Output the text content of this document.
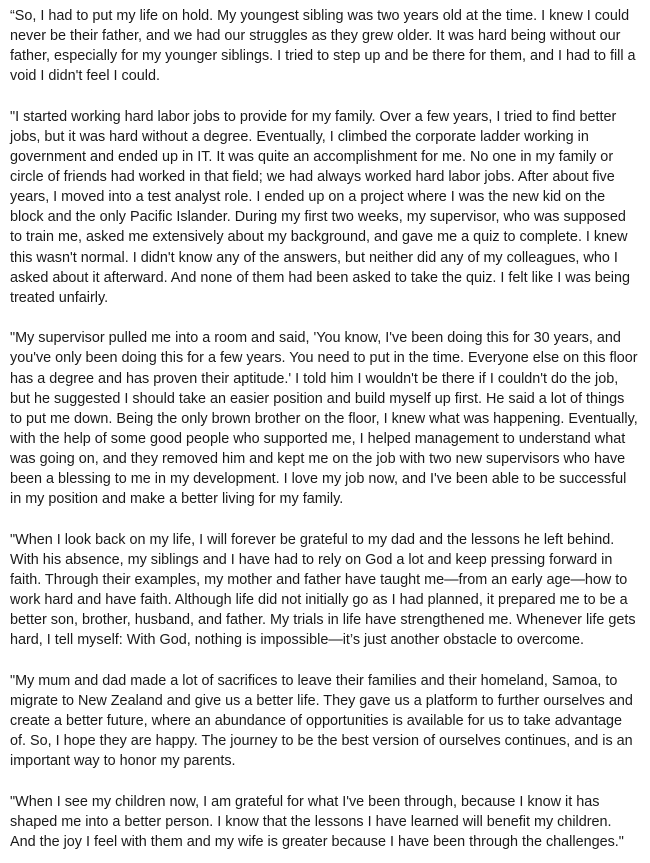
“So, I had to put my life on hold. My youngest sibling was two years old at the time. I knew I could never be their father, and we had our struggles as they grew older. It was hard being without our father, especially for my younger siblings. I tried to step up and be there for them, and I had to fill a void I didn't feel I could.

"I started working hard labor jobs to provide for my family. Over a few years, I tried to find better jobs, but it was hard without a degree. Eventually, I climbed the corporate ladder working in government and ended up in IT. It was quite an accomplishment for me. No one in my family or circle of friends had worked in that field; we had always worked hard labor jobs. After about five years, I moved into a test analyst role. I ended up on a project where I was the new kid on the block and the only Pacific Islander. During my first two weeks, my supervisor, who was supposed to train me, asked me extensively about my background, and gave me a quiz to complete. I knew this wasn't normal. I didn't know any of the answers, but neither did any of my colleagues, who I asked about it afterward. And none of them had been asked to take the quiz. I felt like I was being treated unfairly.

"My supervisor pulled me into a room and said, 'You know, I've been doing this for 30 years, and you've only been doing this for a few years. You need to put in the time. Everyone else on this floor has a degree and has proven their aptitude.' I told him I wouldn't be there if I couldn't do the job, but he suggested I should take an easier position and build myself up first. He said a lot of things to put me down. Being the only brown brother on the floor, I knew what was happening. Eventually, with the help of some good people who supported me, I helped management to understand what was going on, and they removed him and kept me on the job with two new supervisors who have been a blessing to me in my development. I love my job now, and I've been able to be successful in my position and make a better living for my family.

"When I look back on my life, I will forever be grateful to my dad and the lessons he left behind. With his absence, my siblings and I have had to rely on God a lot and keep pressing forward in faith. Through their examples, my mother and father have taught me—from an early age—how to work hard and have faith. Although life did not initially go as I had planned, it prepared me to be a better son, brother, husband, and father. My trials in life have strengthened me. Whenever life gets hard, I tell myself: With God, nothing is impossible—it’s just another obstacle to overcome.

"My mum and dad made a lot of sacrifices to leave their families and their homeland, Samoa, to migrate to New Zealand and give us a better life. They gave us a platform to further ourselves and create a better future, where an abundance of opportunities is available for us to take advantage of. So, I hope they are happy. The journey to be the best version of ourselves continues, and is an important way to honor my parents.

"When I see my children now, I am grateful for what I've been through, because I know it has shaped me into a better person. I know that the lessons I have learned will benefit my children. And the joy I feel with them and my wife is greater because I have been through the challenges."
